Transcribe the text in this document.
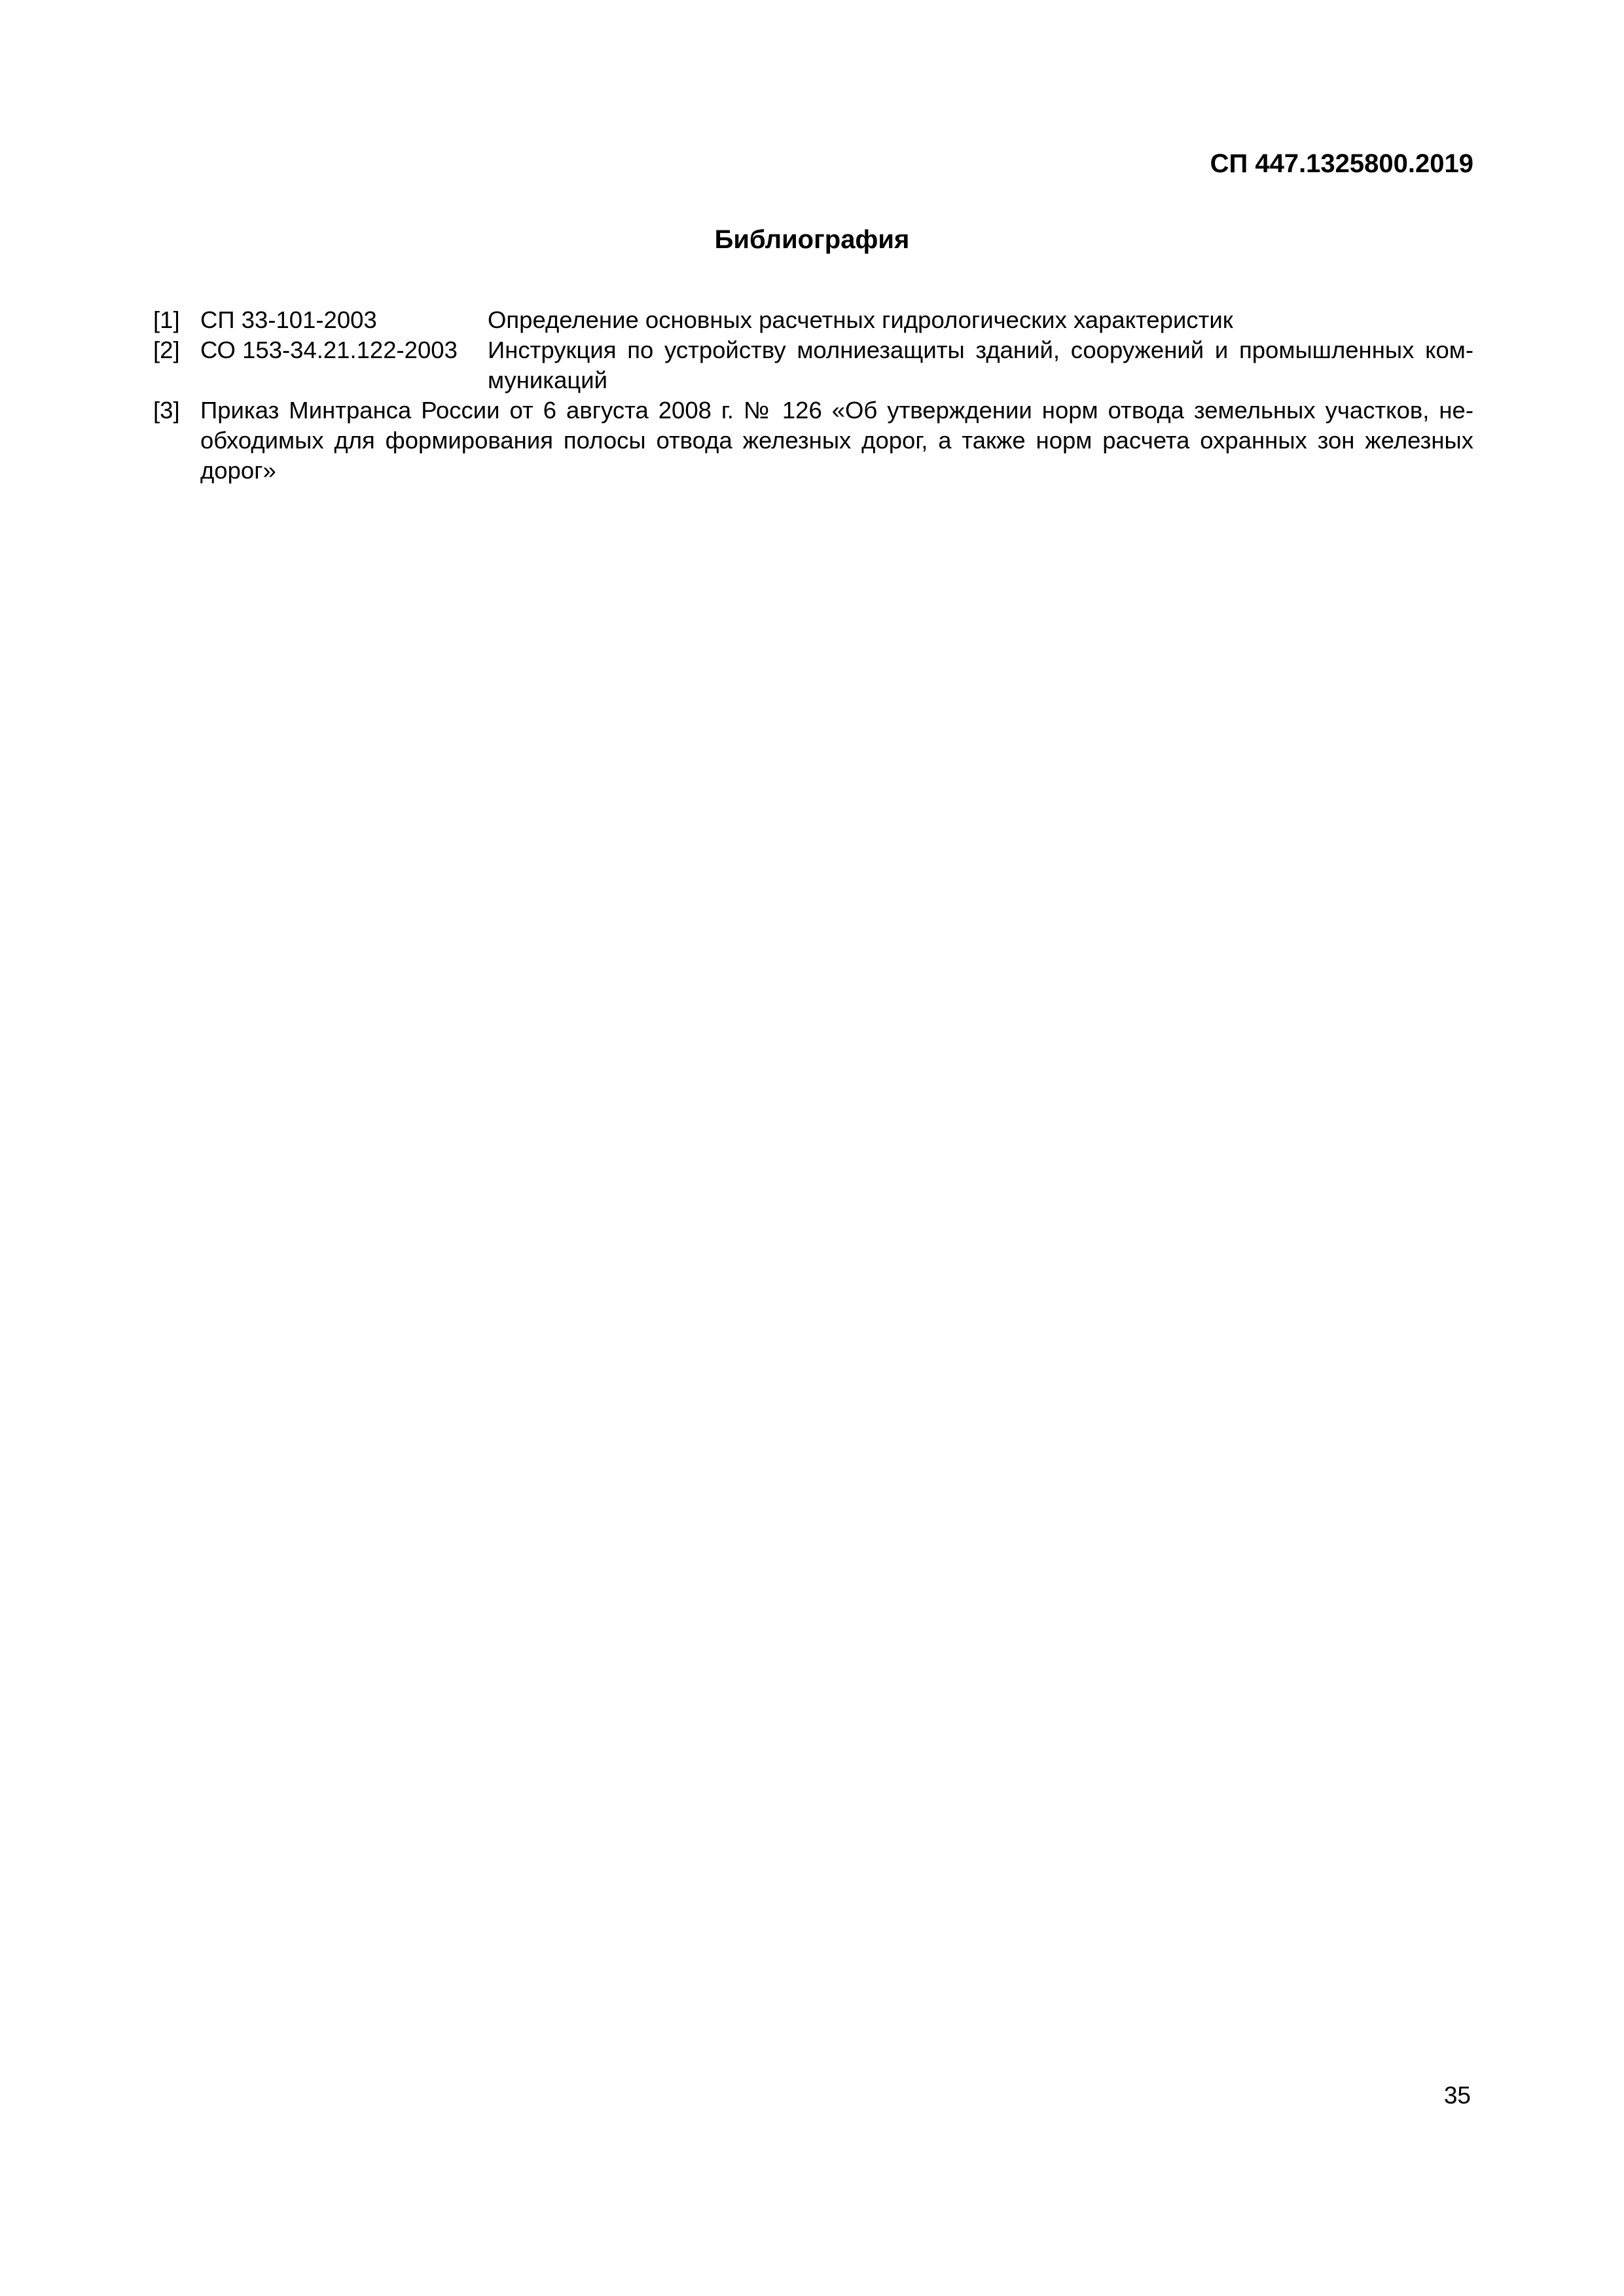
СП 447.1325800.2019
Библиография
[1] СП 33-101-2003	Определение основных расчетных гидрологических характеристик
[2] СО 153-34.21.122-2003 Инструкция по устройству молниезащиты зданий, сооружений и промышленных ком-муникаций
[3] Приказ Минтранса России от 6 августа 2008 г. № 126 «Об утверждении норм отвода земельных участков, не-обходимых для формирования полосы отвода железных дорог, а также норм расчета охранных зон железных дорог»
35
